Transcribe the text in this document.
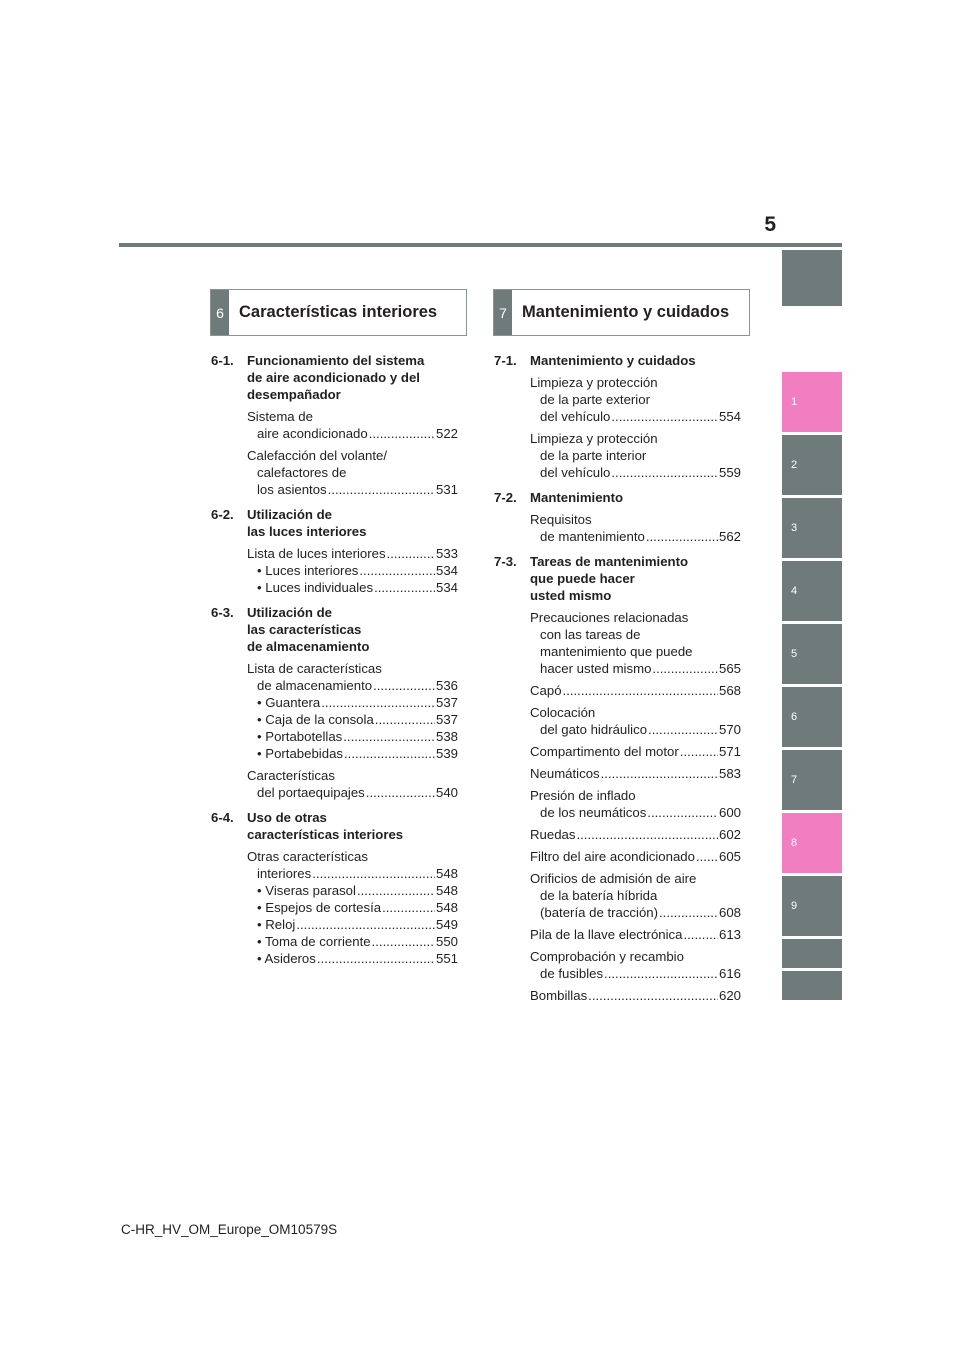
5
1
2
3
4
5
6
7
8
9
6 Características interiores	7 Mantenimiento y cuidados
6-1.	Funcionamiento del sistema
de aire acondicionado y del
desempañador
Sistema de
aire acondicionado .....	522
Calefacción del volante/
calefactores de
los asientos .....	531
6-2.	Utilización de
las luces interiores
Lista de luces interiores .....	533
• Luces interiores .....	534
• Luces individuales .....	534
6-3.	Utilización de
las características
de almacenamiento
Lista de características
de almacenamiento .....	536
• Guantera .....	537
• Caja de la consola .....	537
• Portabotellas .....	538
• Portabebidas .....	539
Características
del portaequipajes .....	540
6-4.	Uso de otras
características interiores
Otras características
interiores .....	548
• Viseras parasol .....	548
• Espejos de cortesía .....	548
• Reloj .....	549
• Toma de corriente .....	550
• Asideros .....	551
7-1.	Mantenimiento y cuidados
Limpieza y protección
de la parte exterior
del vehículo .....	554
Limpieza y protección
de la parte interior
del vehículo .....	559
7-2.	Mantenimiento
Requisitos
de mantenimiento .....	562
7-3.	Tareas de mantenimiento
que puede hacer
usted mismo
Precauciones relacionadas
con las tareas de
mantenimiento que puede
hacer usted mismo .....	565
Capó .....	568
Colocación
del gato hidráulico .....	570
Compartimento del motor .....	571
Neumáticos .....	583
Presión de inflado
de los neumáticos .....	600
Ruedas .....	602
Filtro del aire acondicionado ..... 605
Orificios de admisión de aire
de la batería híbrida
(batería de tracción) .....	608
Pila de la llave electrónica .....	613
Comprobación y recambio
de fusibles .....	616
Bombillas .....	620
C-HR_HV_OM_Europe_OM10579S
